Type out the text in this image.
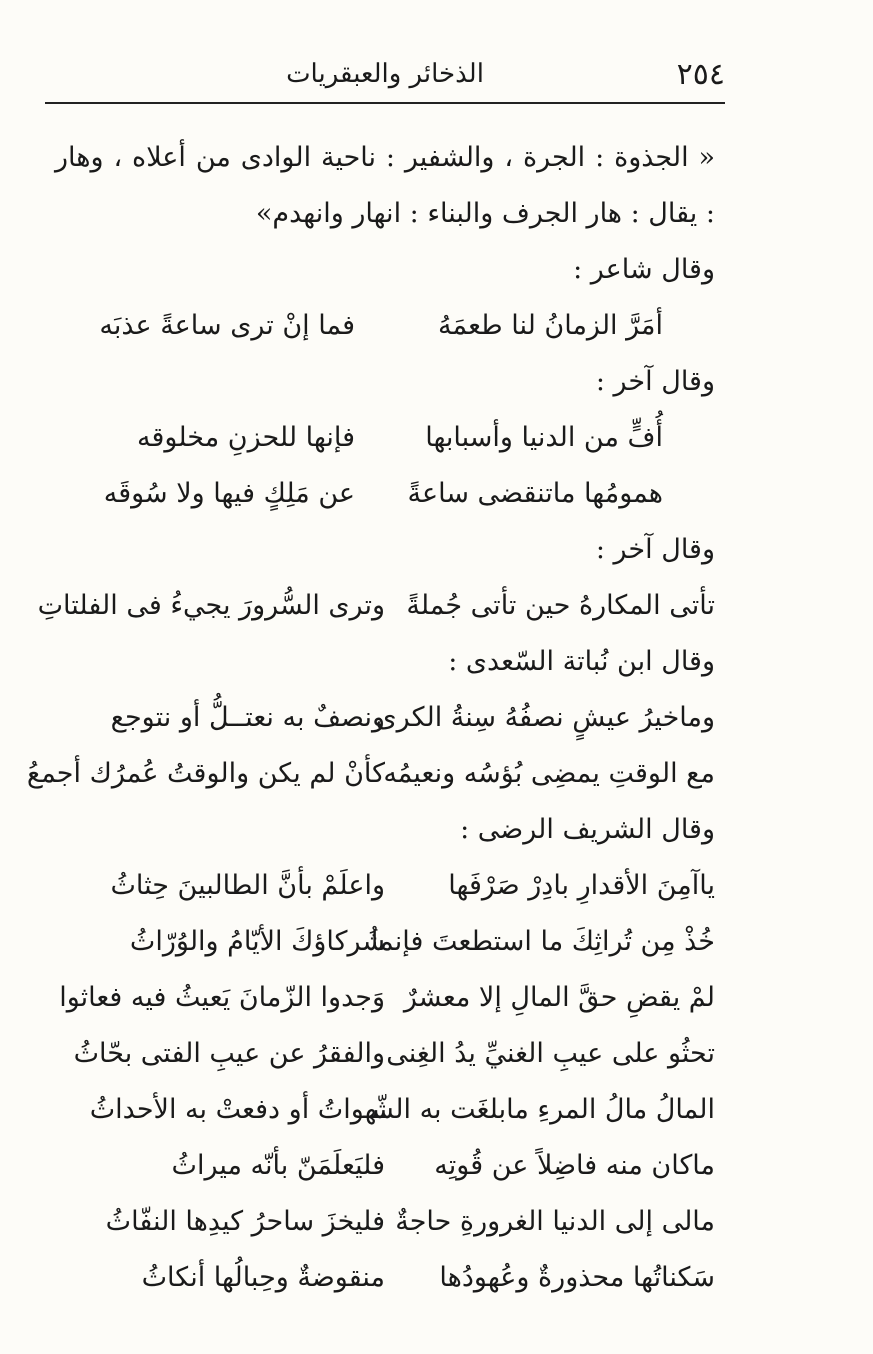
٢٥٤
الذخائر والعبقريات

« الجذوة : الجرة ، والشفير : ناحية الوادى من أعلاه ، وهار : يقال : هار الجرف والبناء : انهار وانهدم»

وقال شاعر :

أمَرَّ الزمانُ لنا طعمَهُ
فما إنْ ترى ساعةً عذبَه

وقال آخر :

أُفٍّ من الدنيا وأسبابها
فإنها للحزنِ مخلوقه
همومُها ماتنقضى ساعةً
عن مَلِكٍ فيها ولا سُوقَه

وقال آخر :

تأتى المكارهُ حين تأتى جُملةً
وترى السُّرورَ يجيءُ فى الفلتاتِ

وقال ابن نُباتة السّعدى :

وماخيرُ عيشٍ نصفُهُ سِنةُ الكرى
ونصفٌ به نعتــلُّ أو نتوجع
مع الوقتِ يمضِى بُؤسُه ونعيمُه
كأنْ لم يكن والوقتُ عُمرُك أجمعُ

وقال الشريف الرضى :

ياآمِنَ الأقدارِ بادِرْ صَرْفَها
واعلَمْ بأنَّ الطالبينَ حِثاثُ
خُذْ مِن تُراثِكَ ما استطعتَ فإنما
شُركاؤكَ الأيّامُ والوُرّاثُ
لمْ يقضِ حقَّ المالِ إلا معشرٌ
وَجدوا الزّمانَ يَعيثُ فيه فعاثوا
تحثُو على عيبِ الغنيِّ يدُ الغِنى
والفقرُ عن عيبِ الفتى بحّاثُ
المالُ مالُ المرءِ مابلغَت به الشّـ
ـهواتُ أو دفعتْ به الأحداثُ
ماكان منه فاضِلاً عن قُوتِه
فليَعلَمَنّ بأنّه ميراثُ
مالى إلى الدنيا الغرورةِ حاجةٌ
فليخزَ ساحرُ كيدِها النفّاثُ
سَكناتُها محذورةٌ وعُهودُها
منقوضةٌ وحِبالُها أنكاثُ
